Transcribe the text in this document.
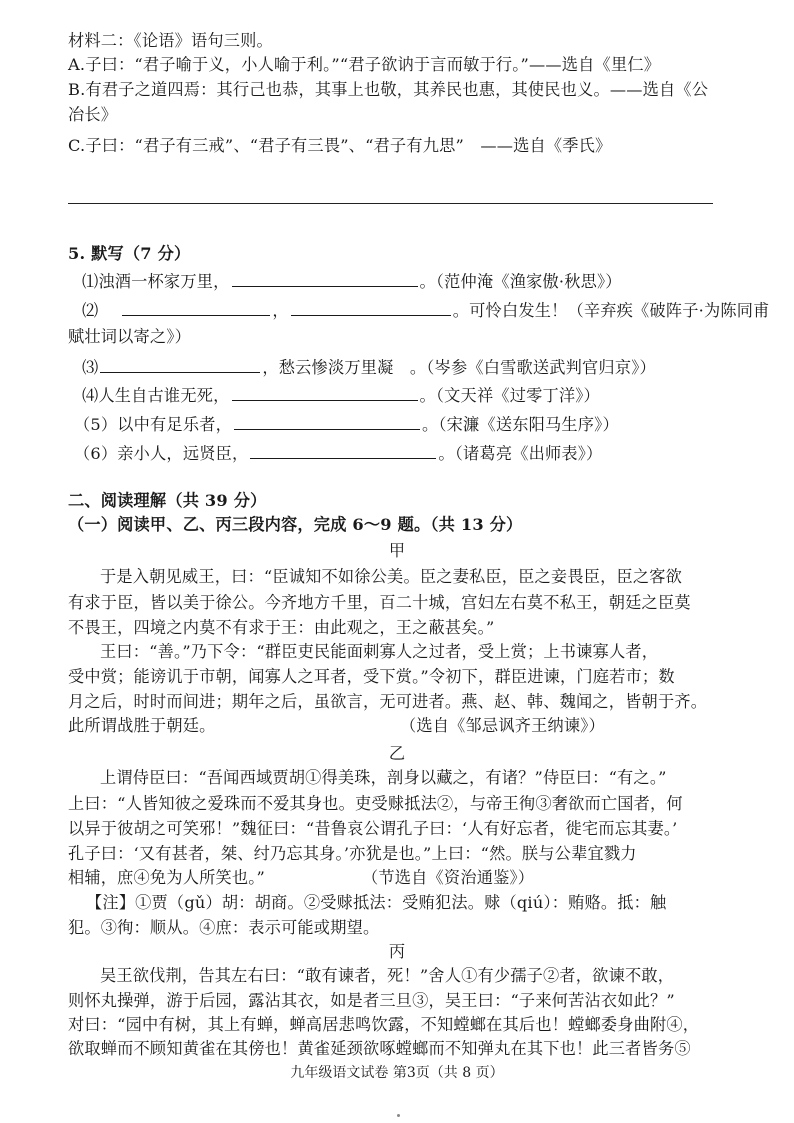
材料二：《论语》语句三则。
A.子曰：“君子喻于义，小人喻于利。”“君子欲讷于言而敏于行。”——选自《里仁》
B.有君子之道四焉：其行己也恭，其事上也敬，其养民也惠，其使民也义。——选自《公
冶长》
C.子曰：“君子有三戒”、“君子有三畏”、“君子有九思”　——选自《季氏》
5. 默写（7 分）
⑴浊酒一杯家万里，	。（范仲淹《渔家傲·秋思》）
⑵	，	。可怜白发生！（辛弃疾《破阵子·为陈同甫
赋壮词以寄之》）
⑶	，愁云惨淡万里凝　。（岑参《白雪歌送武判官归京》）
⑷人生自古谁无死，	。（文天祥《过零丁洋》）
（5）以中有足乐者，	。（宋濂《送东阳马生序》）
（6）亲小人，远贤臣，	。（诸葛亮《出师表》）
二、阅读理解（共 39 分）
（一）阅读甲、乙、丙三段内容，完成 6～9 题。（共 13 分）
甲
于是入朝见威王，曰：“臣诚知不如徐公美。臣之妻私臣，臣之妾畏臣，臣之客欲
有求于臣，皆以美于徐公。今齐地方千里，百二十城，宫妇左右莫不私王，朝廷之臣莫
不畏王，四境之内莫不有求于王：由此观之，王之蔽甚矣。”
王曰：“善。”乃下令：“群臣吏民能面刺寡人之过者，受上赏；上书谏寡人者，
受中赏；能谤讥于市朝，闻寡人之耳者，受下赏。”令初下，群臣进谏，门庭若市；数
月之后，时时而间进；期年之后，虽欲言，无可进者。燕、赵、韩、魏闻之，皆朝于齐。
此所谓战胜于朝廷。	（选自《邹忌讽齐王纳谏》）
乙
上谓侍臣曰：“吾闻西域贾胡①得美珠，剖身以藏之，有诸？”侍臣曰：“有之。”
上曰：“人皆知彼之爱珠而不爱其身也。吏受赇抵法②，与帝王徇③奢欲而亡国者，何
以异于彼胡之可笑邪！”魏征曰：“昔鲁哀公谓孔子曰：‘人有好忘者，徙宅而忘其妻。’
孔子曰：‘又有甚者，桀、纣乃忘其身。’亦犹是也。”上曰：“然。朕与公辈宜戮力
相辅，庶④免为人所笑也。”	（节选自《资治通鉴》）
【注】①贾（gǔ）胡：胡商。②受赇抵法：受贿犯法。赇（qiú）：贿赂。抵：触
犯。③徇：顺从。④庶：表示可能或期望。
丙
吴王欲伐荆，告其左右曰：“敢有谏者，死！”舍人①有少孺子②者，欲谏不敢，
则怀丸操弹，游于后园，露沾其衣，如是者三旦③，吴王曰：“子来何苦沾衣如此？”
对曰：“园中有树，其上有蝉，蝉高居悲鸣饮露，不知螳螂在其后也！螳螂委身曲附④，
欲取蝉而不顾知黄雀在其傍也！黄雀延颈欲啄螳螂而不知弹丸在其下也！此三者皆务⑤
九年级语文试卷 第3页（共 8 页）
